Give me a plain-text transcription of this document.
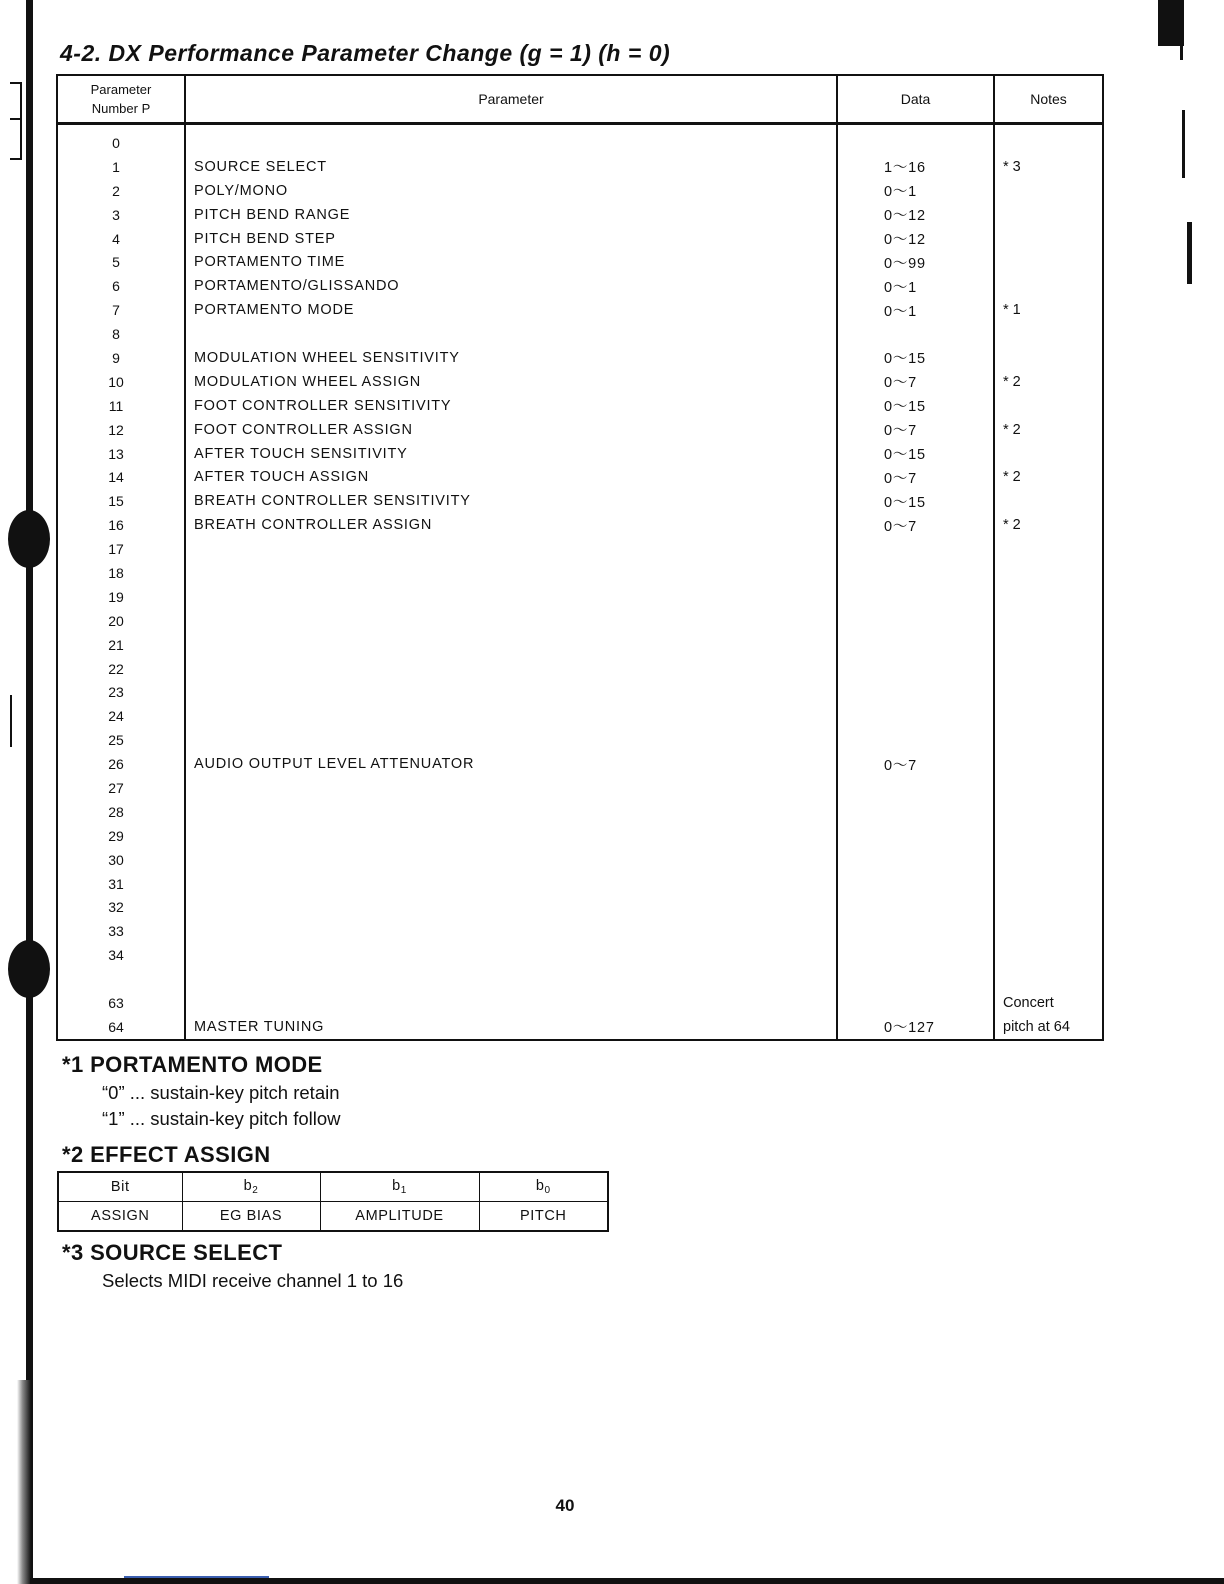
4-2. DX Performance Parameter Change (g = 1) (h = 0)
Parameter
Number P	Parameter	Data	Notes
0			
1	SOURCE SELECT	1～16	* 3
2	POLY/MONO	0～1	
3	PITCH BEND RANGE	0～12	
4	PITCH BEND STEP	0～12	
5	PORTAMENTO TIME	0～99	
6	PORTAMENTO/GLISSANDO	0～1	
7	PORTAMENTO MODE	0～1	* 1
8			
9	MODULATION WHEEL SENSITIVITY	0～15	
10	MODULATION WHEEL ASSIGN	0～7	* 2
11	FOOT CONTROLLER SENSITIVITY	0～15	
12	FOOT CONTROLLER ASSIGN	0～7	* 2
13	AFTER TOUCH SENSITIVITY	0～15	
14	AFTER TOUCH ASSIGN	0～7	* 2
15	BREATH CONTROLLER SENSITIVITY	0～15	
16	BREATH CONTROLLER ASSIGN	0～7	* 2
17			
18			
19			
20			
21			
22			
23			
24			
25			
26	AUDIO OUTPUT LEVEL ATTENUATOR	0～7	
27			
28			
29			
30			
31			
32			
33			
34			

63			Concert
64	MASTER TUNING	0～127	pitch at 64
*1 PORTAMENTO MODE

“0” ... sustain-key pitch retain

“1” ... sustain-key pitch follow

*2 EFFECT ASSIGN
Bit	$b_2$	$b_1$	$b_0$
ASSIGN	EG BIAS	AMPLITUDE	PITCH
*3 SOURCE SELECT

Selects MIDI receive channel 1 to 16

40
